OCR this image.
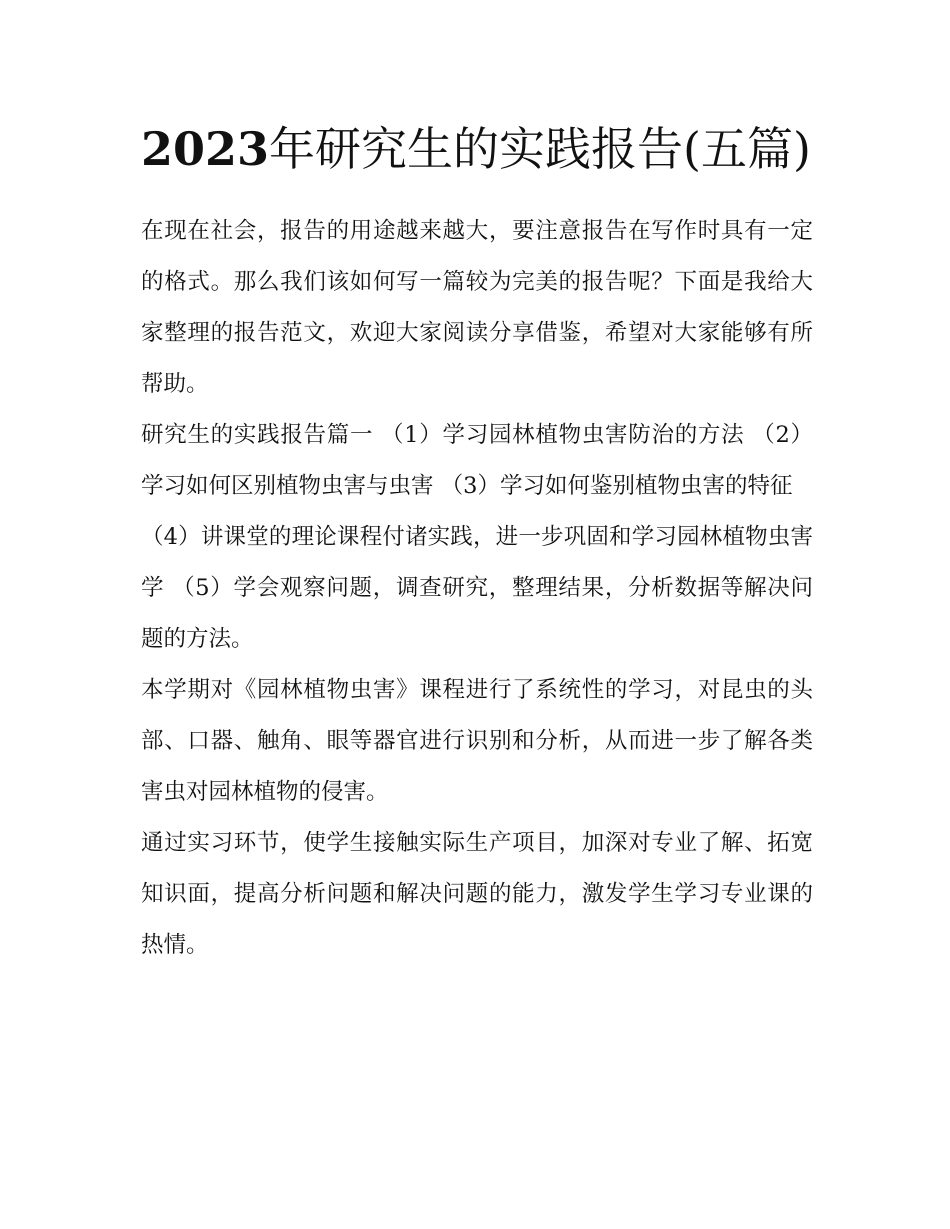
2023年研究生的实践报告(五篇)

在现在社会，报告的用途越来越大，要注意报告在写作时具有一定的格式。那么我们该如何写一篇较为完美的报告呢？下面是我给大家整理的报告范文，欢迎大家阅读分享借鉴，希望对大家能够有所帮助。

研究生的实践报告篇一 （1）学习园林植物虫害防治的方法 （2）学习如何区别植物虫害与虫害 （3）学习如何鉴别植物虫害的特征

（4）讲课堂的理论课程付诸实践，进一步巩固和学习园林植物虫害学 （5）学会观察问题，调查研究，整理结果，分析数据等解决问题的方法。

本学期对《园林植物虫害》课程进行了系统性的学习，对昆虫的头部、口器、触角、眼等器官进行识别和分析，从而进一步了解各类害虫对园林植物的侵害。

通过实习环节，使学生接触实际生产项目，加深对专业了解、拓宽知识面，提高分析问题和解决问题的能力，激发学生学习专业课的热情。
